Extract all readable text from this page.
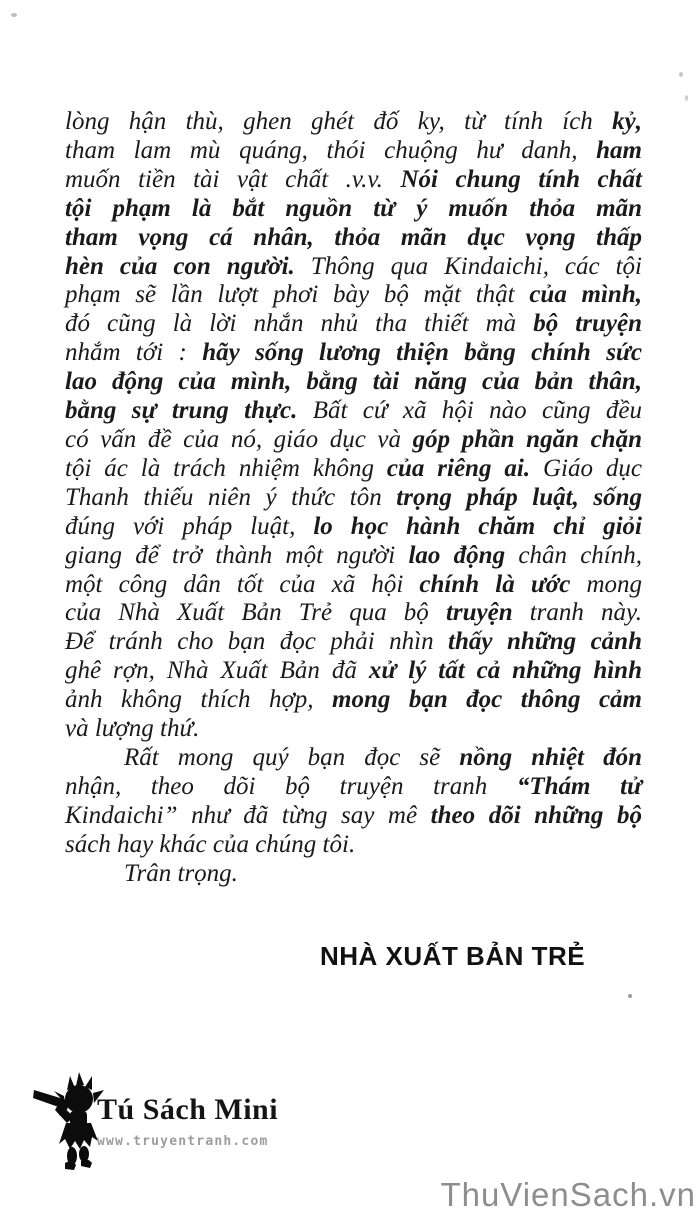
lòng hận thù, ghen ghét đố ky, từ tính ích kỷ,
tham lam mù quáng, thói chuộng hư danh, ham
muốn tiền tài vật chất .v.v. Nói chung tính chất
tội phạm là bắt nguồn từ ý muốn thỏa mãn
tham vọng cá nhân, thỏa mãn dục vọng thấp
hèn của con người. Thông qua Kindaichi, các tội
phạm sẽ lần lượt phơi bày bộ mặt thật của mình,
đó cũng là lời nhắn nhủ tha thiết mà bộ truyện
nhắm tới : hãy sống lương thiện bằng chính sức
lao động của mình, bằng tài năng của bản thân,
bằng sự trung thực. Bất cứ xã hội nào cũng đều
có vấn đề của nó, giáo dục và góp phần ngăn chặn
tội ác là trách nhiệm không của riêng ai. Giáo dục
Thanh thiếu niên ý thức tôn trọng pháp luật, sống
đúng với pháp luật, lo học hành chăm chỉ giỏi
giang để trở thành một người lao động chân chính,
một công dân tốt của xã hội chính là ước mong
của Nhà Xuất Bản Trẻ qua bộ truyện tranh này.
Để tránh cho bạn đọc phải nhìn thấy những cảnh
ghê rợn, Nhà Xuất Bản đã xử lý tất cả những hình
ảnh không thích hợp, mong bạn đọc thông cảm
và lượng thứ.
Rất mong quý bạn đọc sẽ nồng nhiệt đón
nhận, theo dõi bộ truyện tranh “Thám tử
Kindaichi” như đã từng say mê theo dõi những bộ
sách hay khác của chúng tôi.
Trân trọng.
NHÀ XUẤT BẢN TRẺ
Tú Sách Mini
www.truyentranh.com
ThuVienSach.vn
